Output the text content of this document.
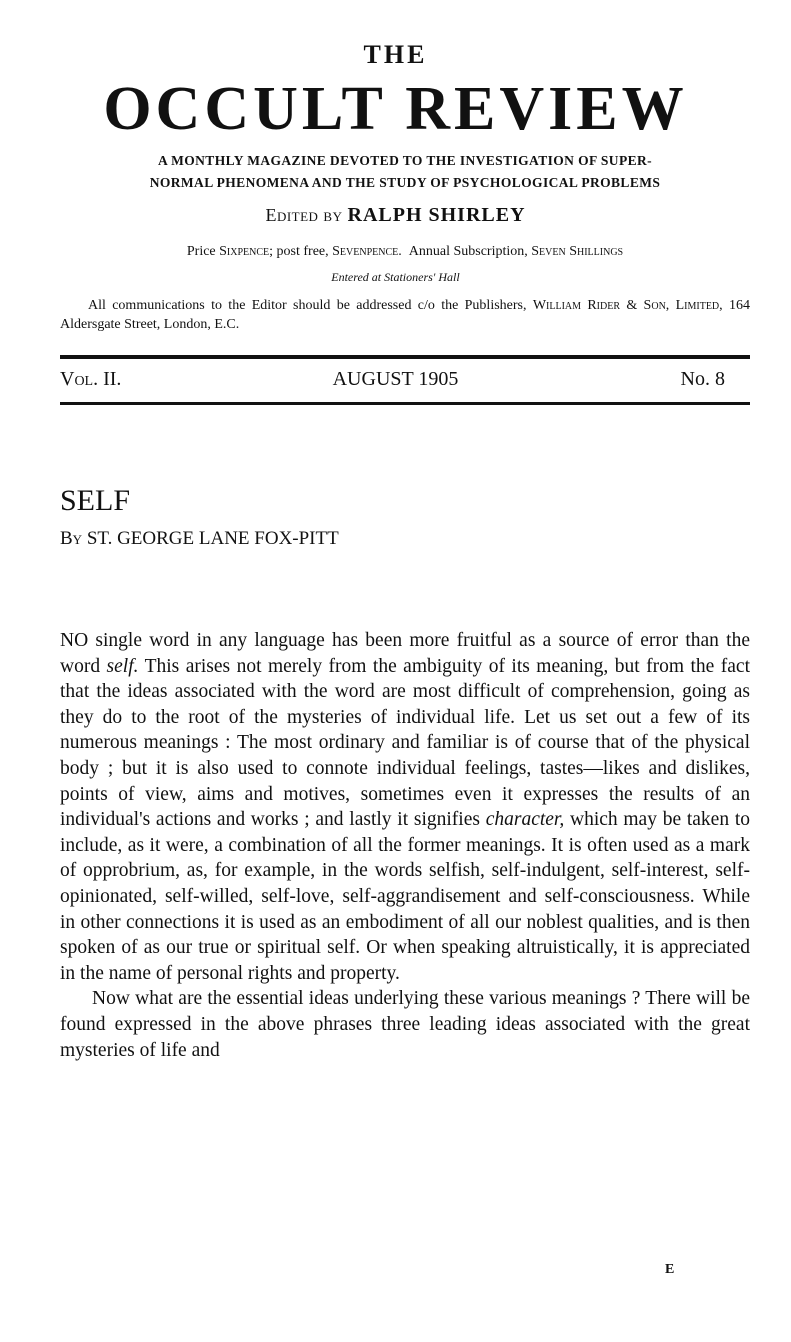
THE
OCCULT REVIEW
A MONTHLY MAGAZINE DEVOTED TO THE INVESTIGATION OF SUPER-
NORMAL PHENOMENA AND THE STUDY OF PSYCHOLOGICAL PROBLEMS
Edited by RALPH SHIRLEY
Price Sixpence; post free, Sevenpence. Annual Subscription, Seven Shillings
Entered at Stationers' Hall
All communications to the Editor should be addressed c/o the Publishers, William Rider & Son, Limited, 164 Aldersgate Street, London, E.C.
Vol. II.	AUGUST 1905	No. 8
SELF
By ST. GEORGE LANE FOX-PITT

NO single word in any language has been more fruitful as a source of error than the word self. This arises not merely from the ambiguity of its meaning, but from the fact that the ideas associated with the word are most difficult of comprehension, going as they do to the root of the mysteries of individual life. Let us set out a few of its numerous meanings : The most ordinary and familiar is of course that of the physical body ; but it is also used to connote individual feelings, tastes—likes and dislikes, points of view, aims and motives, sometimes even it expresses the results of an individual's actions and works ; and lastly it signifies character, which may be taken to include, as it were, a combination of all the former meanings. It is often used as a mark of opprobrium, as, for example, in the words selfish, self-indulgent, self-interest, self-opinionated, self-willed, self-love, self-aggrandisement and self-consciousness. While in other connections it is used as an embodiment of all our noblest qualities, and is then spoken of as our true or spiritual self. Or when speaking altruistically, it is appreciated in the name of personal rights and property.

Now what are the essential ideas underlying these various meanings ? There will be found expressed in the above phrases three leading ideas associated with the great mysteries of life and

E
